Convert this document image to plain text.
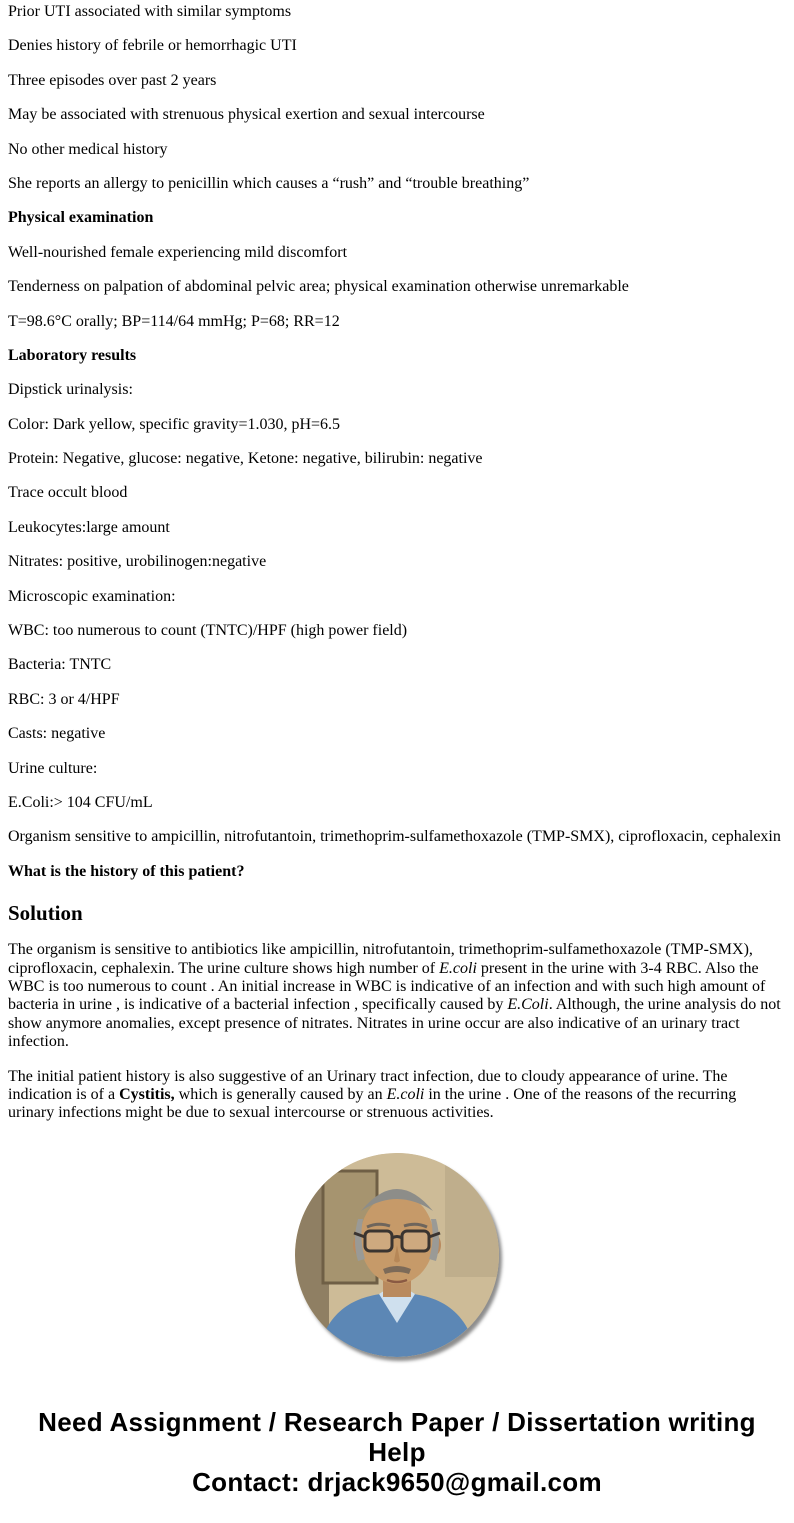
Prior UTI associated with similar symptoms

Denies history of febrile or hemorrhagic UTI

Three episodes over past 2 years

May be associated with strenuous physical exertion and sexual intercourse

No other medical history

She reports an allergy to penicillin which causes a “rush” and “trouble breathing”

Physical examination

Well-nourished female experiencing mild discomfort

Tenderness on palpation of abdominal pelvic area; physical examination otherwise unremarkable

T=98.6°C orally; BP=114/64 mmHg; P=68; RR=12

Laboratory results

Dipstick urinalysis:

Color: Dark yellow, specific gravity=1.030, pH=6.5

Protein: Negative, glucose: negative, Ketone: negative, bilirubin: negative

Trace occult blood

Leukocytes:large amount

Nitrates: positive, urobilinogen:negative

Microscopic examination:

WBC: too numerous to count (TNTC)/HPF (high power field)

Bacteria: TNTC

RBC: 3 or 4/HPF

Casts: negative

Urine culture:

E.Coli:> 104 CFU/mL

Organism sensitive to ampicillin, nitrofutantoin, trimethoprim-sulfamethoxazole (TMP-SMX), ciprofloxacin, cephalexin

What is the history of this patient?

Solution

The organism is sensitive to antibiotics like ampicillin, nitrofutantoin, trimethoprim-sulfamethoxazole (TMP-SMX), ciprofloxacin, cephalexin. The urine culture shows high number of E.coli present in the urine with 3-4 RBC. Also the WBC is too numerous to count . An initial increase in WBC is indicative of an infection and with such high amount of bacteria in urine , is indicative of a bacterial infection , specifically caused by E.Coli. Although, the urine analysis do not show anymore anomalies, except presence of nitrates. Nitrates in urine occur are also indicative of an urinary tract infection.

The initial patient history is also suggestive of an Urinary tract infection, due to cloudy appearance of urine. The indication is of a Cystitis, which is generally caused by an E.coli in the urine . One of the reasons of the recurring urinary infections might be due to sexual intercourse or strenuous activities.

Need Assignment / Research Paper / Dissertation writing Help
Contact: drjack9650@gmail.com
